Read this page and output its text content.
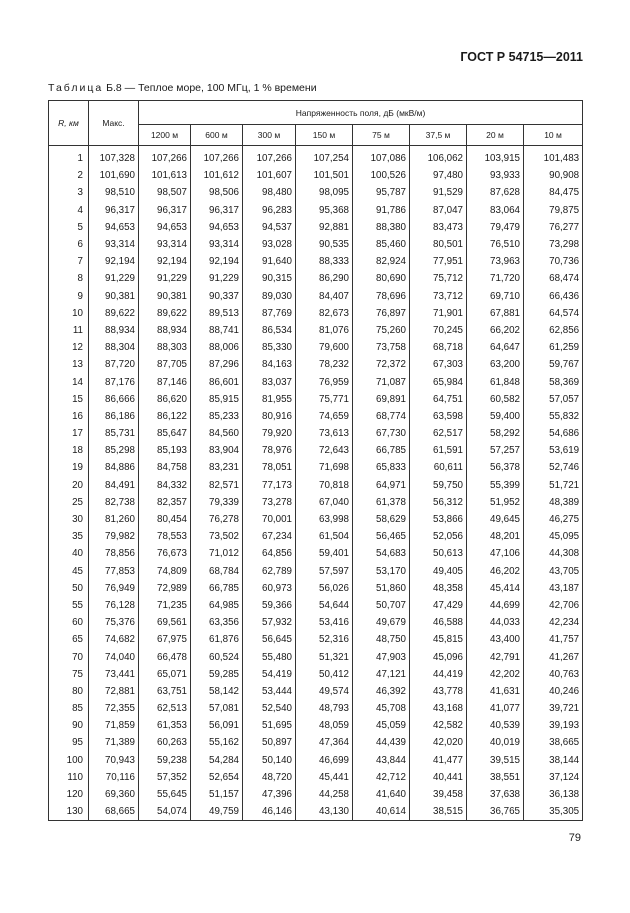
ГОСТ Р 54715—2011
Таблица Б.8 — Теплое море, 100 МГц, 1 % времени
R, км	Макс.	Напряженность поля, дБ (мкВ/м)							
		1200 м	600 м	300 м	150 м	75 м	37,5 м	20 м	10 м

1	107,328	107,266	107,266	107,266	107,254	107,086	106,062	103,915	101,483
2	101,690	101,613	101,612	101,607	101,501	100,526	97,480	93,933	90,908
3	98,510	98,507	98,506	98,480	98,095	95,787	91,529	87,628	84,475
4	96,317	96,317	96,317	96,283	95,368	91,786	87,047	83,064	79,875
5	94,653	94,653	94,653	94,537	92,881	88,380	83,473	79,479	76,277
6	93,314	93,314	93,314	93,028	90,535	85,460	80,501	76,510	73,298
7	92,194	92,194	92,194	91,640	88,333	82,924	77,951	73,963	70,736
8	91,229	91,229	91,229	90,315	86,290	80,690	75,712	71,720	68,474
9	90,381	90,381	90,337	89,030	84,407	78,696	73,712	69,710	66,436
10	89,622	89,622	89,513	87,769	82,673	76,897	71,901	67,881	64,574
11	88,934	88,934	88,741	86,534	81,076	75,260	70,245	66,202	62,856
12	88,304	88,303	88,006	85,330	79,600	73,758	68,718	64,647	61,259
13	87,720	87,705	87,296	84,163	78,232	72,372	67,303	63,200	59,767
14	87,176	87,146	86,601	83,037	76,959	71,087	65,984	61,848	58,369
15	86,666	86,620	85,915	81,955	75,771	69,891	64,751	60,582	57,057
16	86,186	86,122	85,233	80,916	74,659	68,774	63,598	59,400	55,832
17	85,731	85,647	84,560	79,920	73,613	67,730	62,517	58,292	54,686
18	85,298	85,193	83,904	78,976	72,643	66,785	61,591	57,257	53,619
19	84,886	84,758	83,231	78,051	71,698	65,833	60,611	56,378	52,746
20	84,491	84,332	82,571	77,173	70,818	64,971	59,750	55,399	51,721
25	82,738	82,357	79,339	73,278	67,040	61,378	56,312	51,952	48,389
30	81,260	80,454	76,278	70,001	63,998	58,629	53,866	49,645	46,275
35	79,982	78,553	73,502	67,234	61,504	56,465	52,056	48,201	45,095
40	78,856	76,673	71,012	64,856	59,401	54,683	50,613	47,106	44,308
45	77,853	74,809	68,784	62,789	57,597	53,170	49,405	46,202	43,705
50	76,949	72,989	66,785	60,973	56,026	51,860	48,358	45,414	43,187
55	76,128	71,235	64,985	59,366	54,644	50,707	47,429	44,699	42,706
60	75,376	69,561	63,356	57,932	53,416	49,679	46,588	44,033	42,234
65	74,682	67,975	61,876	56,645	52,316	48,750	45,815	43,400	41,757
70	74,040	66,478	60,524	55,480	51,321	47,903	45,096	42,791	41,267
75	73,441	65,071	59,285	54,419	50,412	47,121	44,419	42,202	40,763
80	72,881	63,751	58,142	53,444	49,574	46,392	43,778	41,631	40,246
85	72,355	62,513	57,081	52,540	48,793	45,708	43,168	41,077	39,721
90	71,859	61,353	56,091	51,695	48,059	45,059	42,582	40,539	39,193
95	71,389	60,263	55,162	50,897	47,364	44,439	42,020	40,019	38,665
100	70,943	59,238	54,284	50,140	46,699	43,844	41,477	39,515	38,144
110	70,116	57,352	52,654	48,720	45,441	42,712	40,441	38,551	37,124
120	69,360	55,645	51,157	47,396	44,258	41,640	39,458	37,638	36,138
130	68,665	54,074	49,759	46,146	43,130	40,614	38,515	36,765	35,305
79
